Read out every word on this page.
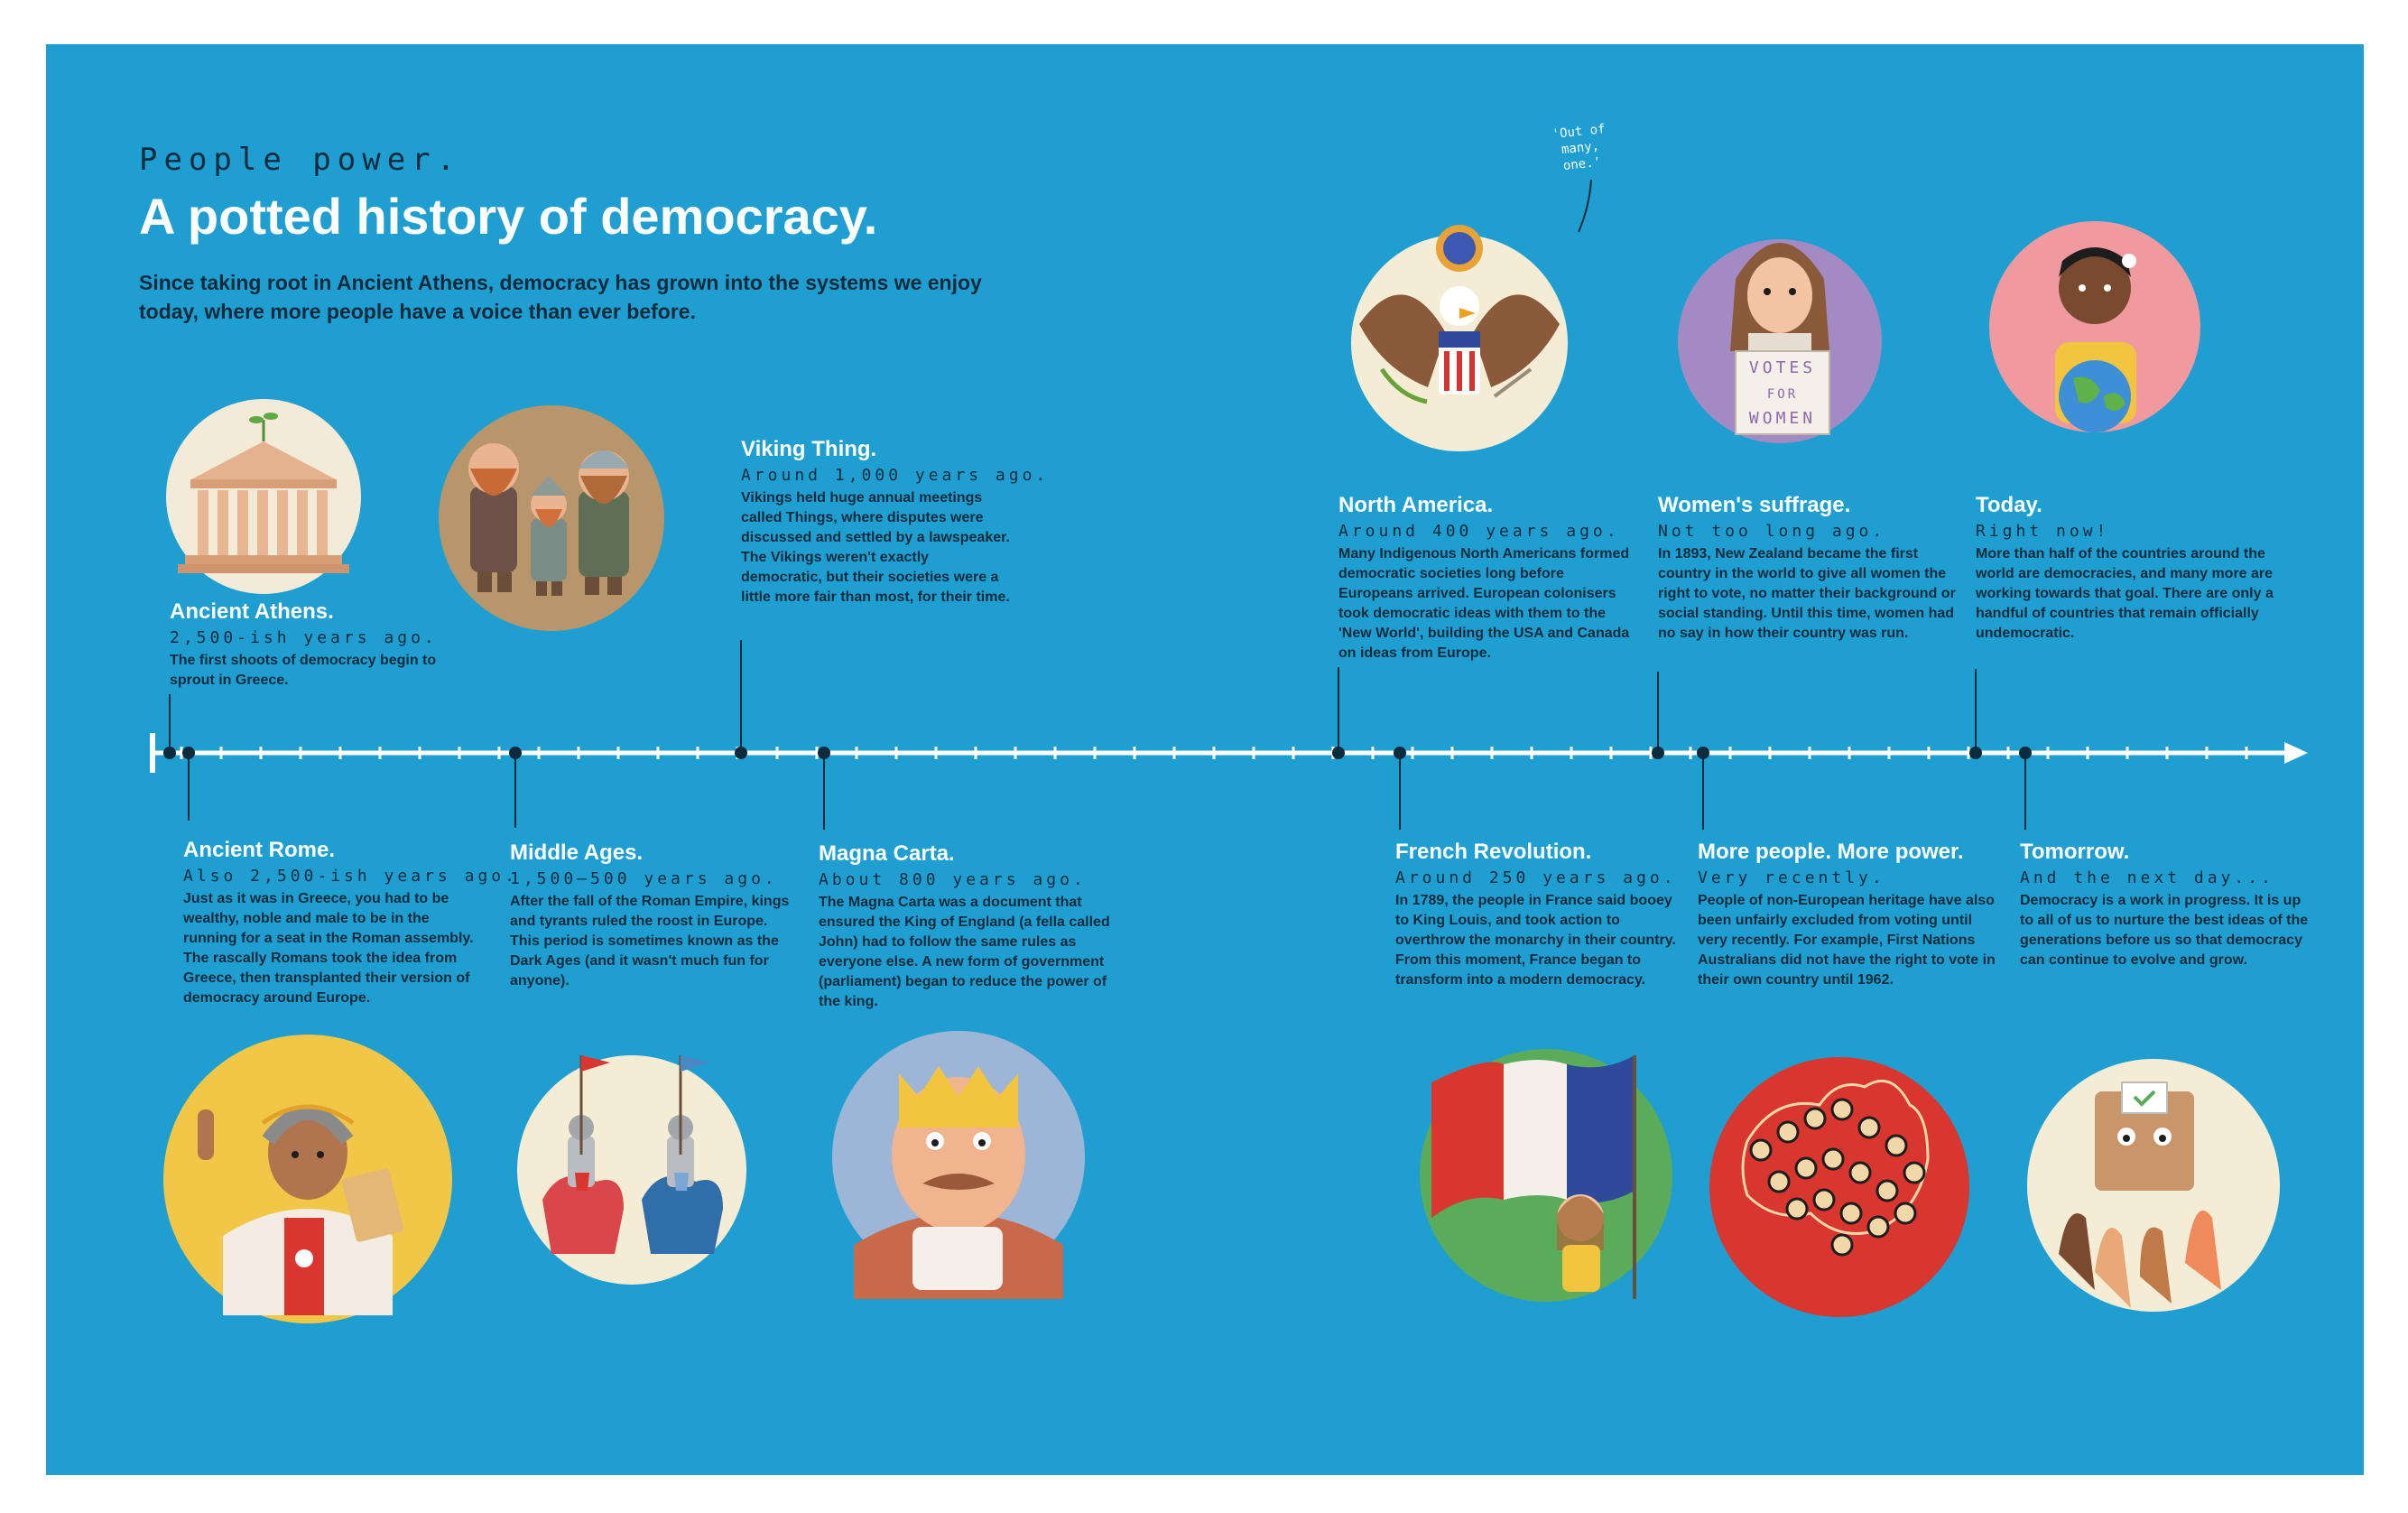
People power.
A potted history of democracy.
Since taking root in Ancient Athens, democracy has grown into the systems we enjoy today, where more people have a voice than ever before.
VOTES
FOR
WOMEN
'Out of many, one.'
Ancient Athens.
2,500-ish years ago.
The first shoots of democracy begin to sprout in Greece.
Viking Thing.
Around 1,000 years ago.
Vikings held huge annual meetings called Things, where disputes were discussed and settled by a lawspeaker. The Vikings weren't exactly democratic, but their societies were a little more fair than most, for their time.
North America.
Around 400 years ago.
Many Indigenous North Americans formed democratic societies long before Europeans arrived. European colonisers took democratic ideas with them to the 'New World', building the USA and Canada on ideas from Europe.
Women's suffrage.
Not too long ago.
In 1893, New Zealand became the first country in the world to give all women the right to vote, no matter their background or social standing. Until this time, women had no say in how their country was run.
Today.
Right now!
More than half of the countries around the world are democracies, and many more are working towards that goal. There are only a handful of countries that remain officially undemocratic.
Ancient Rome.
Also 2,500-ish years ago.
Just as it was in Greece, you had to be wealthy, noble and male to be in the running for a seat in the Roman assembly. The rascally Romans took the idea from Greece, then transplanted their version of democracy around Europe.
Middle Ages.
1,500–500 years ago.
After the fall of the Roman Empire, kings and tyrants ruled the roost in Europe. This period is sometimes known as the Dark Ages (and it wasn't much fun for anyone).
Magna Carta.
About 800 years ago.
The Magna Carta was a document that ensured the King of England (a fella called John) had to follow the same rules as everyone else. A new form of government (parliament) began to reduce the power of the king.
French Revolution.
Around 250 years ago.
In 1789, the people in France said booey to King Louis, and took action to overthrow the monarchy in their country. From this moment, France began to transform into a modern democracy.
More people. More power.
Very recently.
People of non-European heritage have also been unfairly excluded from voting until very recently. For example, First Nations Australians did not have the right to vote in their own country until 1962.
Tomorrow.
And the next day...
Democracy is a work in progress. It is up to all of us to nurture the best ideas of the generations before us so that democracy can continue to evolve and grow.
